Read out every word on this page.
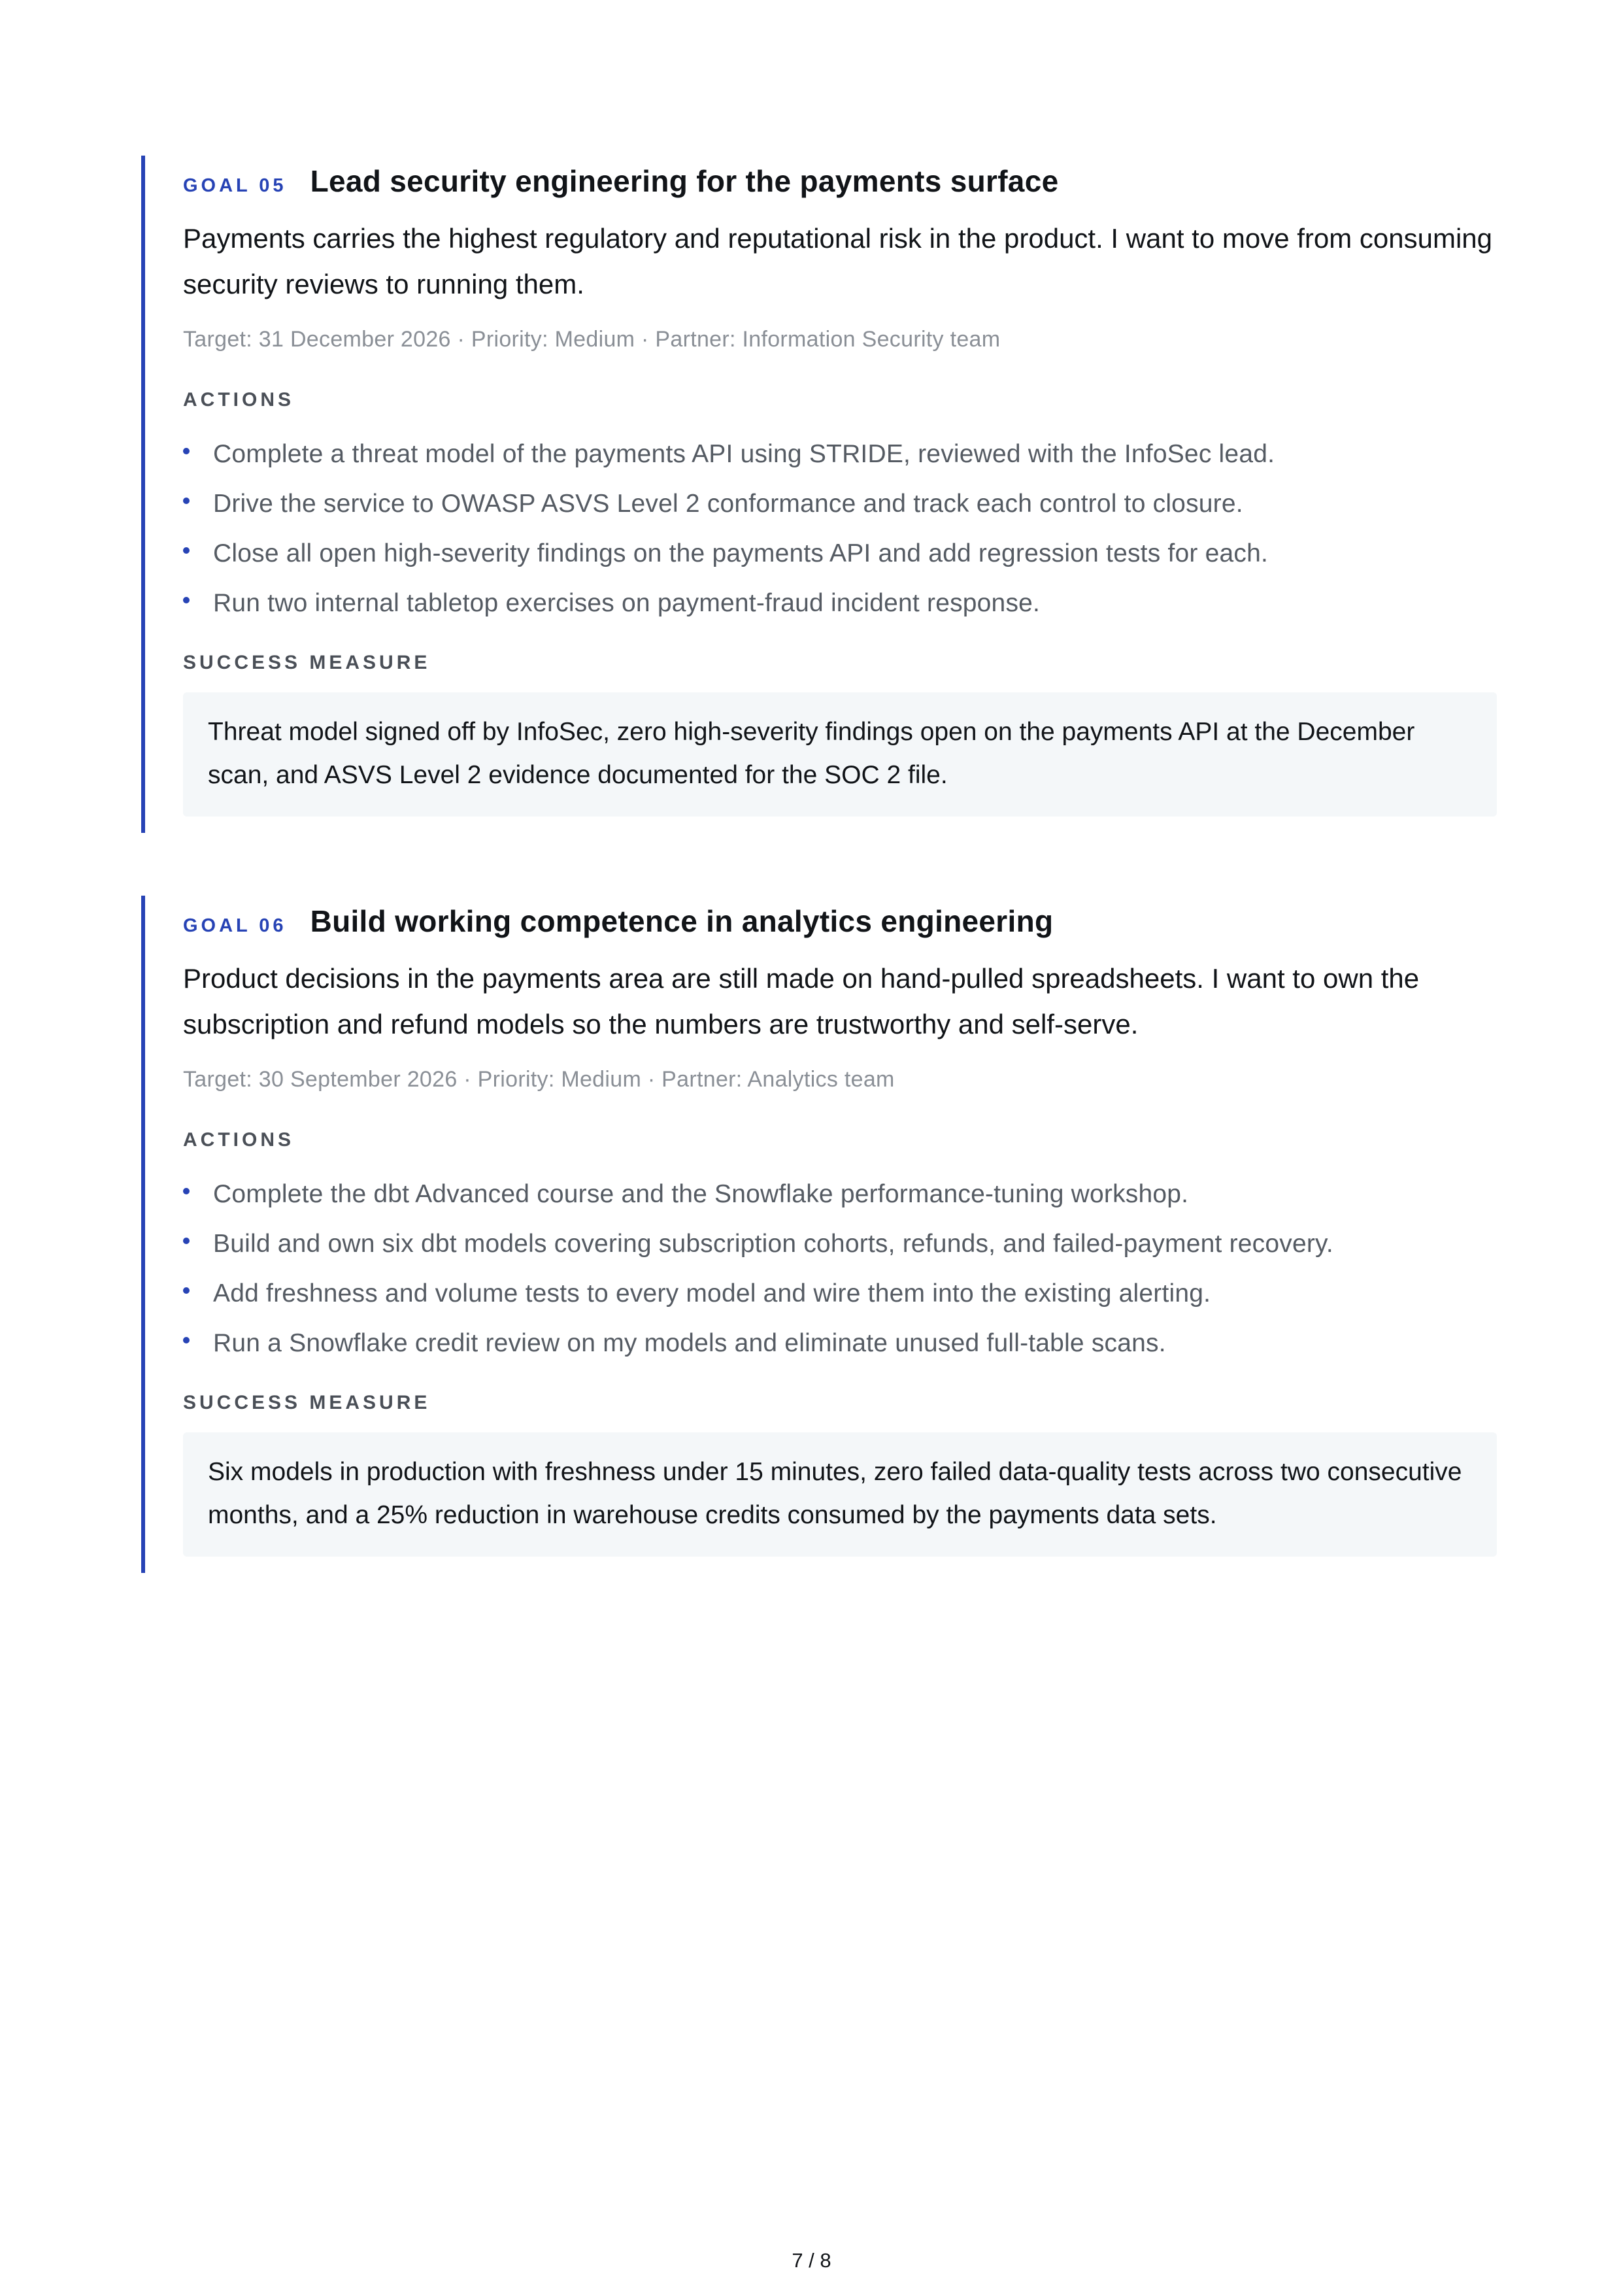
GOAL 05 Lead security engineering for the payments surface
Payments carries the highest regulatory and reputational risk in the product. I want to move from consuming security reviews to running them.
Target: 31 December 2026 · Priority: Medium · Partner: Information Security team
ACTIONS
Complete a threat model of the payments API using STRIDE, reviewed with the InfoSec lead.
Drive the service to OWASP ASVS Level 2 conformance and track each control to closure.
Close all open high-severity findings on the payments API and add regression tests for each.
Run two internal tabletop exercises on payment-fraud incident response.
SUCCESS MEASURE
Threat model signed off by InfoSec, zero high-severity findings open on the payments API at the December scan, and ASVS Level 2 evidence documented for the SOC 2 file.
GOAL 06 Build working competence in analytics engineering
Product decisions in the payments area are still made on hand-pulled spreadsheets. I want to own the subscription and refund models so the numbers are trustworthy and self-serve.
Target: 30 September 2026 · Priority: Medium · Partner: Analytics team
ACTIONS
Complete the dbt Advanced course and the Snowflake performance-tuning workshop.
Build and own six dbt models covering subscription cohorts, refunds, and failed-payment recovery.
Add freshness and volume tests to every model and wire them into the existing alerting.
Run a Snowflake credit review on my models and eliminate unused full-table scans.
SUCCESS MEASURE
Six models in production with freshness under 15 minutes, zero failed data-quality tests across two consecutive months, and a 25% reduction in warehouse credits consumed by the payments data sets.
7 / 8
